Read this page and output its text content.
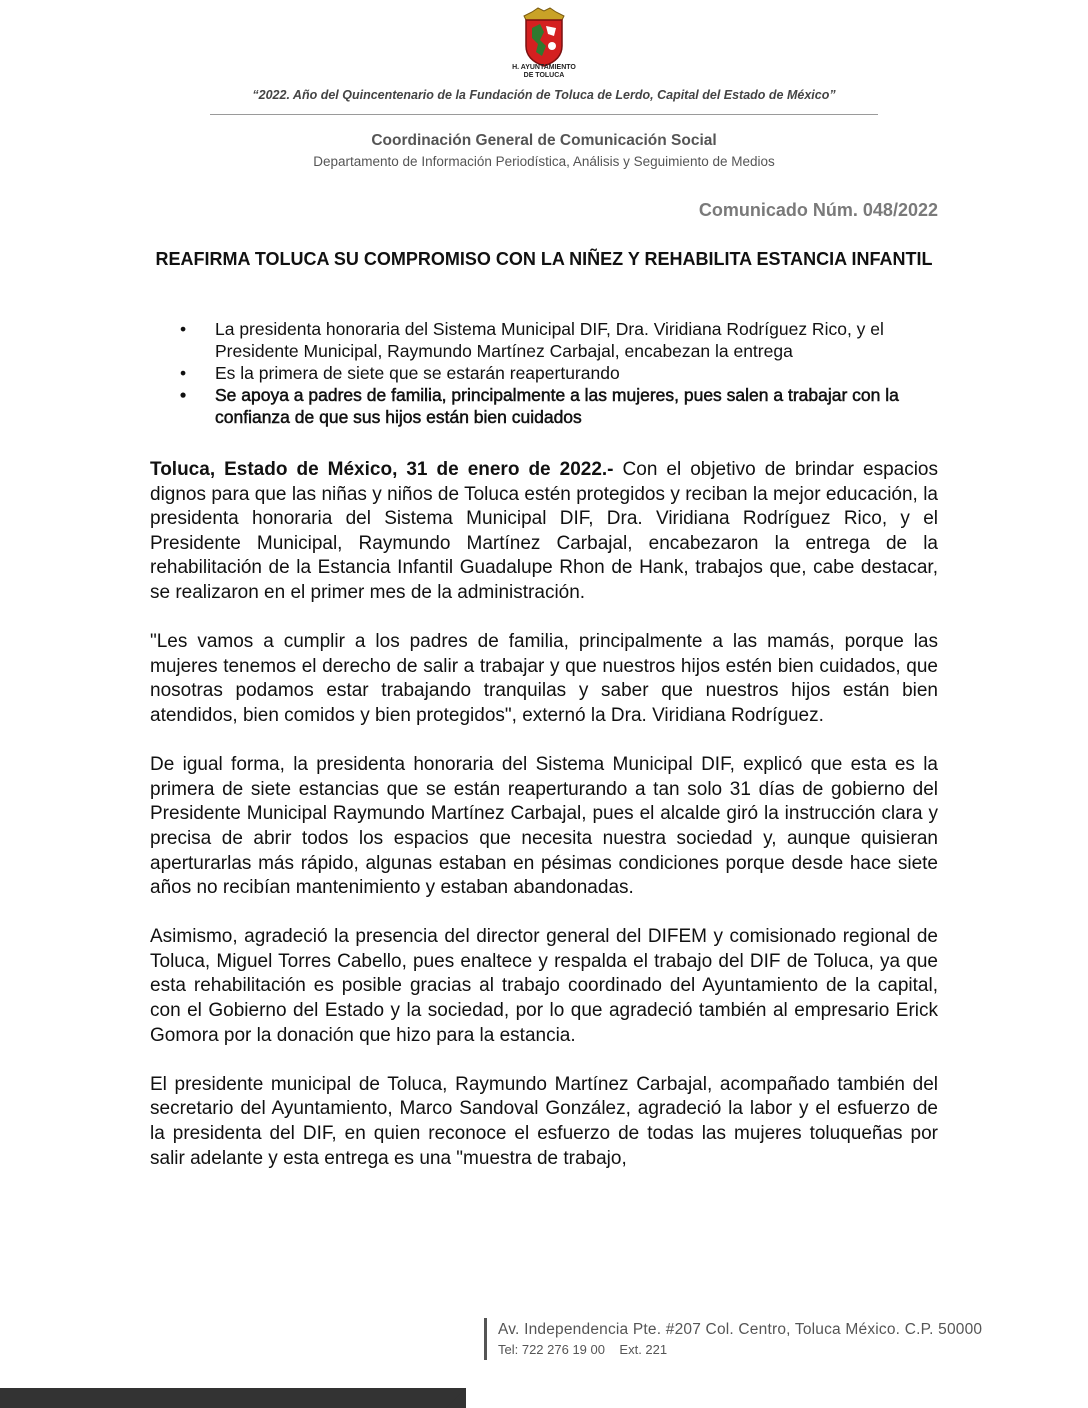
H. AYUNTAMIENTO
DE TOLUCA
“2022. Año del Quincentenario de la Fundación de Toluca de Lerdo, Capital del Estado de México”
Coordinación General de Comunicación Social
Departamento de Información Periodística, Análisis y Seguimiento de Medios
Comunicado Núm. 048/2022
REAFIRMA TOLUCA SU COMPROMISO CON LA NIÑEZ Y REHABILITA ESTANCIA INFANTIL
• La presidenta honoraria del Sistema Municipal DIF, Dra. Viridiana Rodríguez Rico, y el Presidente Municipal, Raymundo Martínez Carbajal, encabezan la entrega
• Es la primera de siete que se estarán reaperturando
• Se apoya a padres de familia, principalmente a las mujeres, pues salen a trabajar con la confianza de que sus hijos están bien cuidados

Toluca, Estado de México, 31 de enero de 2022.- Con el objetivo de brindar espacios dignos para que las niñas y niños de Toluca estén protegidos y reciban la mejor educación, la presidenta honoraria del Sistema Municipal DIF, Dra. Viridiana Rodríguez Rico, y el Presidente Municipal, Raymundo Martínez Carbajal, encabezaron la entrega de la rehabilitación de la Estancia Infantil Guadalupe Rhon de Hank, trabajos que, cabe destacar, se realizaron en el primer mes de la administración.

"Les vamos a cumplir a los padres de familia, principalmente a las mamás, porque las mujeres tenemos el derecho de salir a trabajar y que nuestros hijos estén bien cuidados, que nosotras podamos estar trabajando tranquilas y saber que nuestros hijos están bien atendidos, bien comidos y bien protegidos", externó la Dra. Viridiana Rodríguez.

De igual forma, la presidenta honoraria del Sistema Municipal DIF, explicó que esta es la primera de siete estancias que se están reaperturando a tan solo 31 días de gobierno del Presidente Municipal Raymundo Martínez Carbajal, pues el alcalde giró la instrucción clara y precisa de abrir todos los espacios que necesita nuestra sociedad y, aunque quisieran aperturarlas más rápido, algunas estaban en pésimas condiciones porque desde hace siete años no recibían mantenimiento y estaban abandonadas.

Asimismo, agradeció la presencia del director general del DIFEM y comisionado regional de Toluca, Miguel Torres Cabello, pues enaltece y respalda el trabajo del DIF de Toluca, ya que esta rehabilitación es posible gracias al trabajo coordinado del Ayuntamiento de la capital, con el Gobierno del Estado y la sociedad, por lo que agradeció también al empresario Erick Gomora por la donación que hizo para la estancia.

El presidente municipal de Toluca, Raymundo Martínez Carbajal, acompañado también del secretario del Ayuntamiento, Marco Sandoval González, agradeció la labor y el esfuerzo de la presidenta del DIF, en quien reconoce el esfuerzo de todas las mujeres toluqueñas por salir adelante y esta entrega es una "muestra de trabajo,

Av. Independencia Pte. #207 Col. Centro, Toluca México. C.P. 50000
Tel: 722 276 19 00    Ext. 221
